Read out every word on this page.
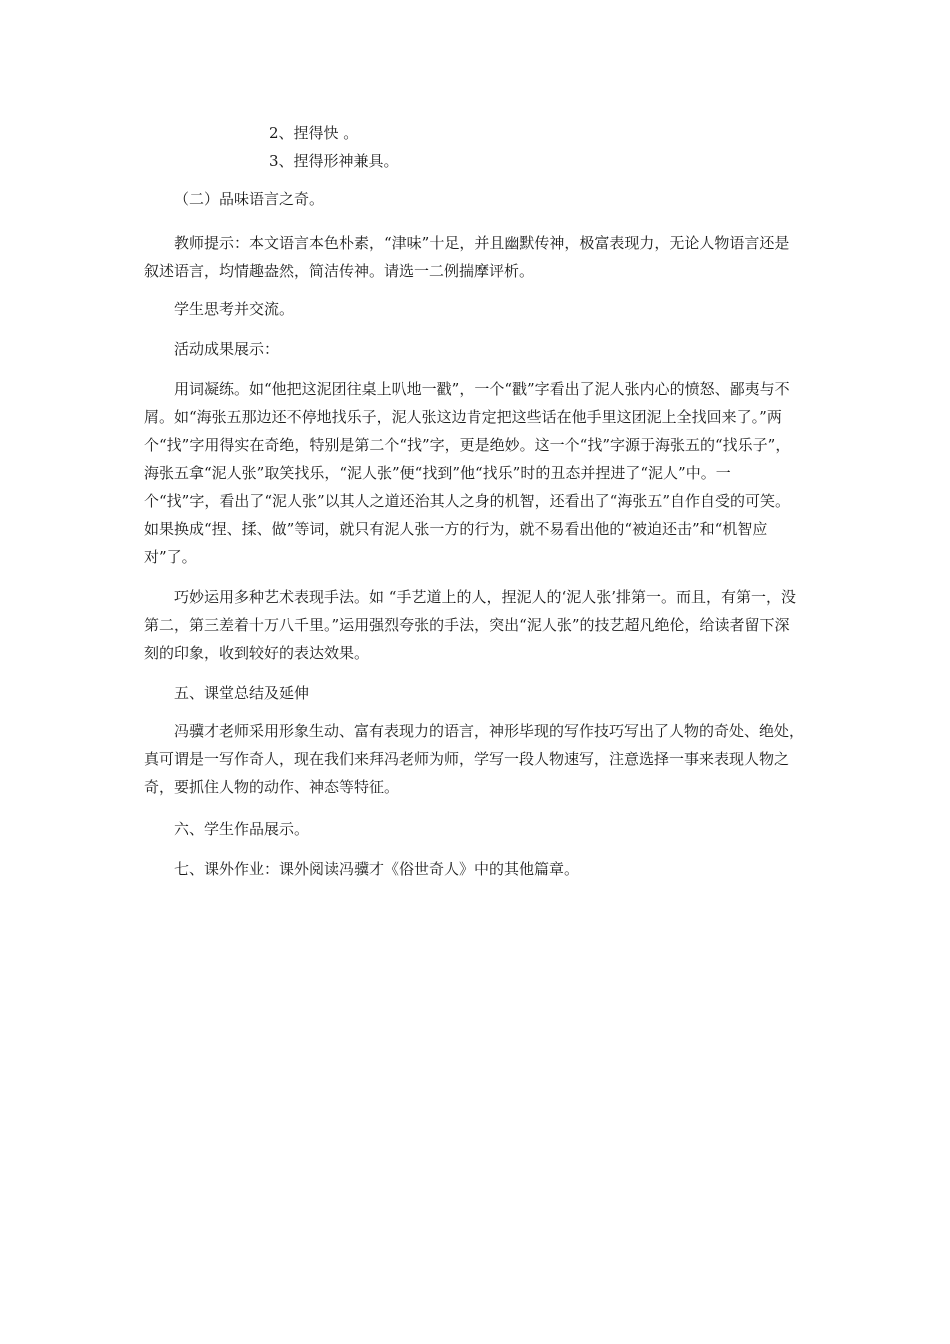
2、捏得快 。
3、捏得形神兼具。
（二）品味语言之奇。
教师提示：本文语言本色朴素，“津味”十足，并且幽默传神，极富表现力，无论人物语言还是叙述语言，均情趣盎然，简洁传神。请选一二例揣摩评析。
学生思考并交流。
活动成果展示：
用词凝练。如“他把这泥团往桌上叭地一戳”，一个“戳”字看出了泥人张内心的愤怒、鄙夷与不屑。如“海张五那边还不停地找乐子，泥人张这边肯定把这些话在他手里这团泥上全找回来了。”两个“找”字用得实在奇绝，特别是第二个“找”字，更是绝妙。这一个“找”字源于海张五的“找乐子”，海张五拿“泥人张”取笑找乐，“泥人张”便“找到”他“找乐”时的丑态并捏进了“泥人”中。一个“找”字，看出了“泥人张”以其人之道还治其人之身的机智，还看出了“海张五”自作自受的可笑。如果换成“捏、揉、做”等词，就只有泥人张一方的行为，就不易看出他的“被迫还击”和“机智应对”了。
巧妙运用多种艺术表现手法。如 “手艺道上的人，捏泥人的‘泥人张’排第一。而且，有第一，没第二，第三差着十万八千里。”运用强烈夸张的手法，突出“泥人张”的技艺超凡绝伦，给读者留下深刻的印象，收到较好的表达效果。
五、课堂总结及延伸
冯骥才老师采用形象生动、富有表现力的语言，神形毕现的写作技巧写出了人物的奇处、绝处，真可谓是一写作奇人，现在我们来拜冯老师为师，学写一段人物速写，注意选择一事来表现人物之奇，要抓住人物的动作、神态等特征。
六、学生作品展示。
七、课外作业：课外阅读冯骥才《俗世奇人》中的其他篇章。
